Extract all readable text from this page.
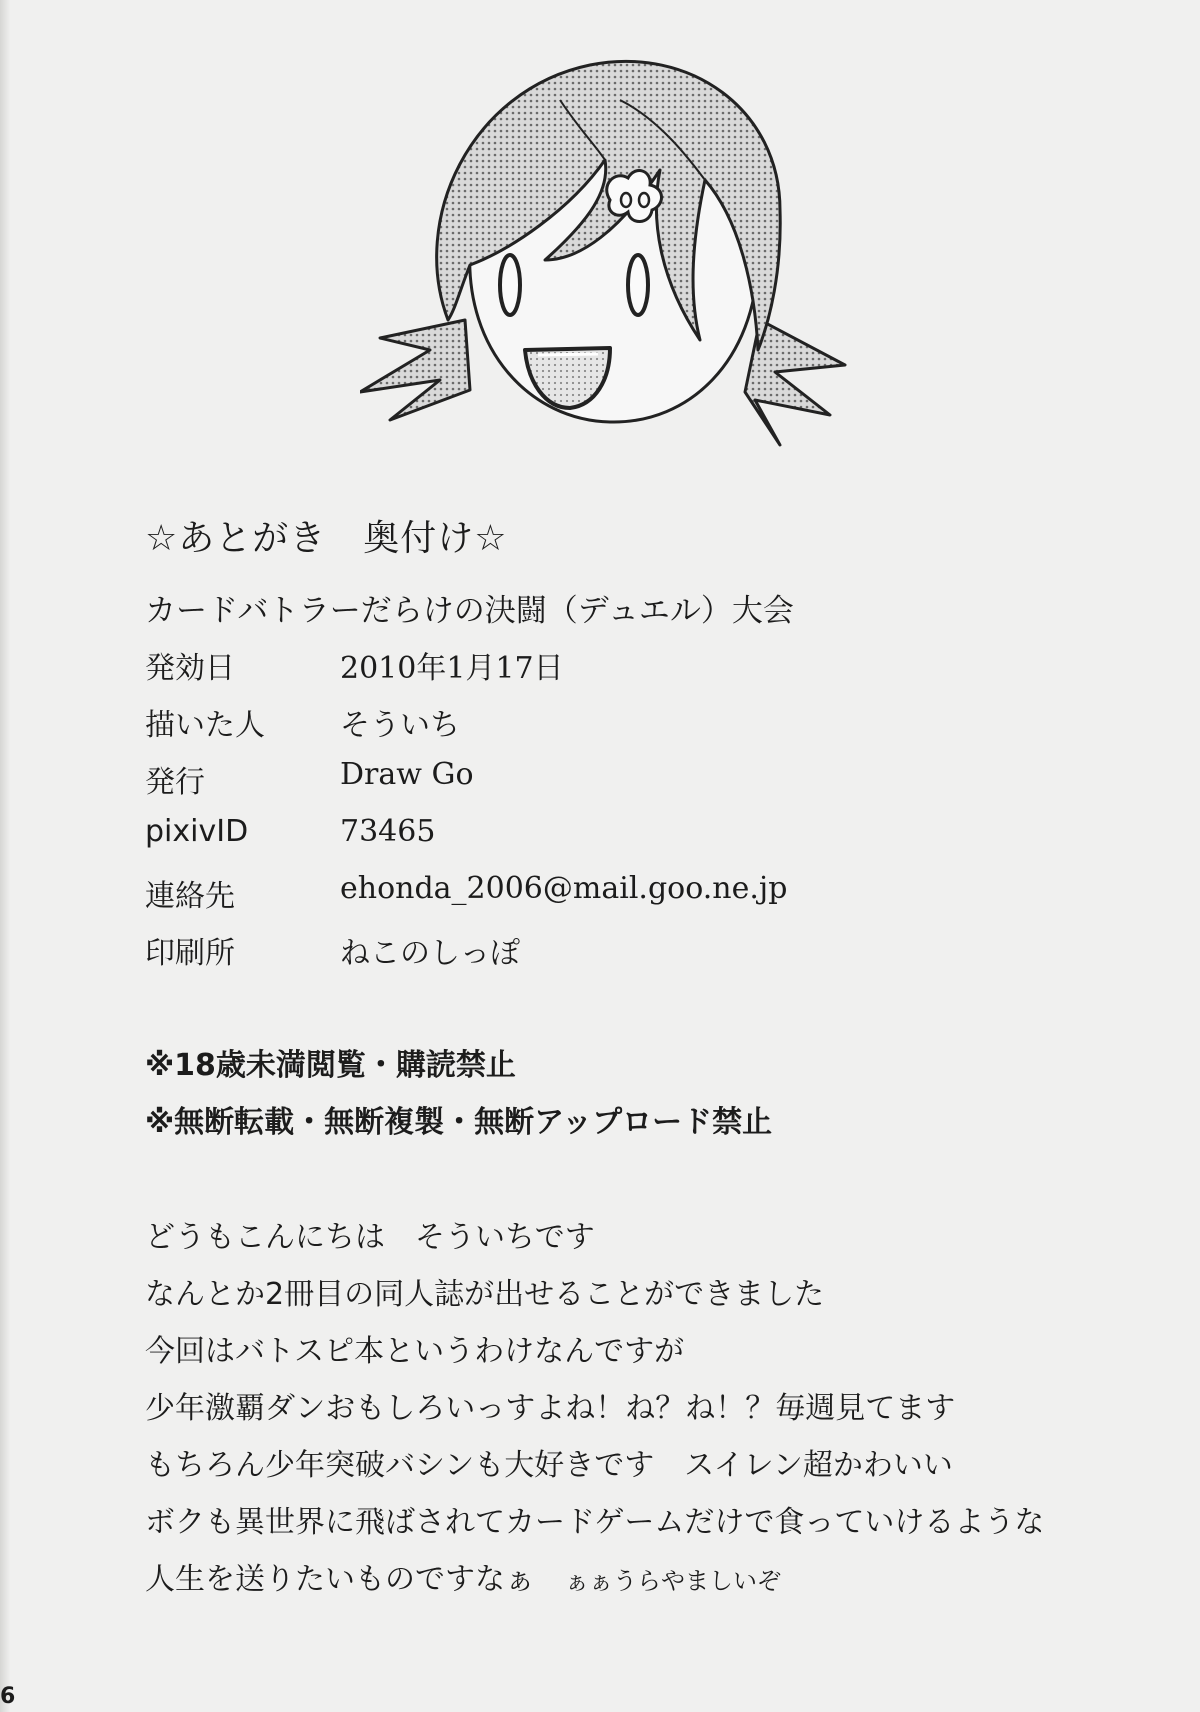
☆あとがき　奥付け☆
カードバトラーだらけの決闘（デュエル）大会
発効日	2010年1月17日
描いた人	そういち
発行	Draw Go
pixivID	73465
連絡先	ehonda_2006@mail.goo.ne.jp
印刷所	ねこのしっぽ
※18歳未満閲覧・購読禁止
※無断転載・無断複製・無断アップロード禁止
どうもこんにちは　そういちです
なんとか2冊目の同人誌が出せることができました
今回はバトスピ本というわけなんですが
少年激覇ダンおもしろいっすよね！ね？ね！？毎週見てます
もちろん少年突破バシンも大好きです　スイレン超かわいい
ボクも異世界に飛ばされてカードゲームだけで食っていけるような
人生を送りたいものですなぁ　 ぁぁうらやましいぞ
6
